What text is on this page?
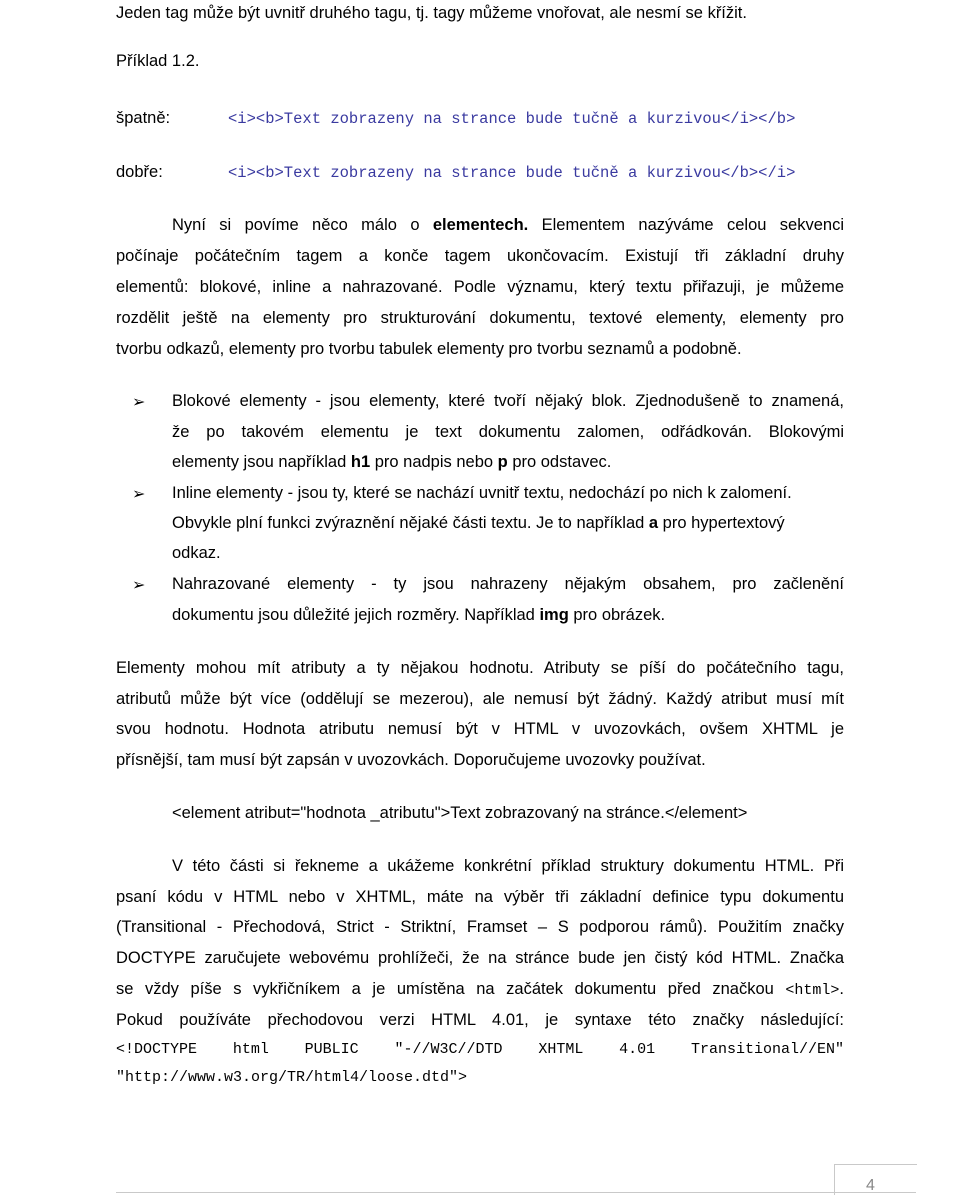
Jeden tag může být uvnitř druhého tagu, tj. tagy můžeme vnořovat, ale nesmí se křížit.
Příklad 1.2.
špatně:	<i><b>Text zobrazeny na strance bude tučně a kurzivou</i></b>
dobře:	<i><b>Text zobrazeny na strance bude tučně a kurzivou</b></i>
Nyní si povíme něco málo o elementech. Elementem nazýváme celou sekvenci
počínaje počátečním tagem a konče tagem ukončovacím. Existují tři základní druhy
elementů: blokové, inline a nahrazované. Podle významu, který textu přiřazuji, je můžeme
rozdělit ještě na elementy pro strukturování dokumentu, textové elementy, elementy pro
tvorbu odkazů, elementy pro tvorbu tabulek elementy pro tvorbu seznamů a podobně.
➢ Blokové elementy - jsou elementy, které tvoří nějaký blok. Zjednodušeně to znamená,
že po takovém elementu je text dokumentu zalomen, odřádkován. Blokovými
elementy jsou například h1 pro nadpis nebo p pro odstavec.
➢ Inline elementy - jsou ty, které se nachází uvnitř textu, nedochází po nich k zalomení.
Obvykle plní funkci zvýraznění nějaké části textu. Je to například a pro hypertextový
odkaz.
➢ Nahrazované elementy - ty jsou nahrazeny nějakým obsahem, pro začlenění
dokumentu jsou důležité jejich rozměry. Například img pro obrázek.
Elementy mohou mít atributy a ty nějakou hodnotu. Atributy se píší do počátečního tagu,
atributů může být více (oddělují se mezerou), ale nemusí být žádný. Každý atribut musí mít
svou hodnotu. Hodnota atributu nemusí být v HTML v uvozovkách, ovšem XHTML je
přísnější, tam musí být zapsán v uvozovkách. Doporučujeme uvozovky používat.
<element atribut="hodnota _atributu">Text zobrazovaný na stránce.</element>
V této části si řekneme a ukážeme konkrétní příklad struktury dokumentu HTML. Při
psaní kódu v HTML nebo v XHTML, máte na výběr tři základní definice typu dokumentu
(Transitional - Přechodová, Strict - Striktní, Framset – S podporou rámů). Použitím značky
DOCTYPE zaručujete webovému prohlížeči, že na stránce bude jen čistý kód HTML. Značka
se vždy píše s vykřičníkem a je umístěna na začátek dokumentu před značkou <html>.
Pokud používáte přechodovou verzi HTML 4.01, je syntaxe této značky následující:
<!DOCTYPE html PUBLIC "-//W3C//DTD XHTML 4.01 Transitional//EN"
"http://www.w3.org/TR/html4/loose.dtd">
4
